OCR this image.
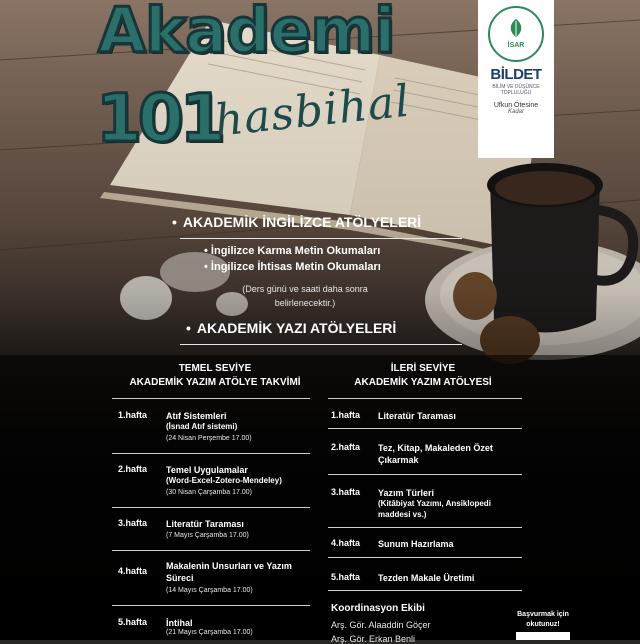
Akademi
101
hasbihal
İSAR
BİLDET
BİLİM VE DÜŞÜNCE TOPLULUĞU
Ufkun Ötesine
Kadar
• AKADEMİK İNGİLİZCE ATÖLYELERİ
• İngilizce Karma Metin Okumaları
• İngilizce İhtisas Metin Okumaları
(Ders günü ve saati daha sonra
belirlenecektir.)
• AKADEMİK YAZI ATÖLYELERİ
TEMEL SEVİYE
AKADEMİK YAZIM ATÖLYE TAKVİMİ
1.hafta Atıf Sistemleri
(İsnad Atıf sistemi)
(24 Nisan Perşembe 17.00)
2.hafta Temel Uygulamalar
(Word-Excel-Zotero-Mendeley)
(30 Nisan Çarşamba 17.00)
3.hafta Literatür Taraması
(7 Mayıs Çarşamba 17.00)
4.hafta Makalenin Unsurları ve Yazım
Süreci
(14 Mayıs Çarşamba 17.00)
5.hafta İntihal
(21 Mayıs Çarşamba 17.00)
İLERİ SEVİYE
AKADEMİK YAZIM ATÖLYESİ
1.hafta Literatür Taraması
2.hafta Tez, Kitap, Makaleden Özet
Çıkarmak
3.hafta Yazım Türleri
(Kitâbiyat Yazımı, Ansiklopedi
maddesi vs.)
4.hafta Sunum Hazırlama
5.hafta Tezden Makale Üretimi
Koordinasyon Ekibi
Arş. Gör. Alaaddin Göçer
Arş. Gör. Erkan Benli
Başvurmak için
okutunuz!
